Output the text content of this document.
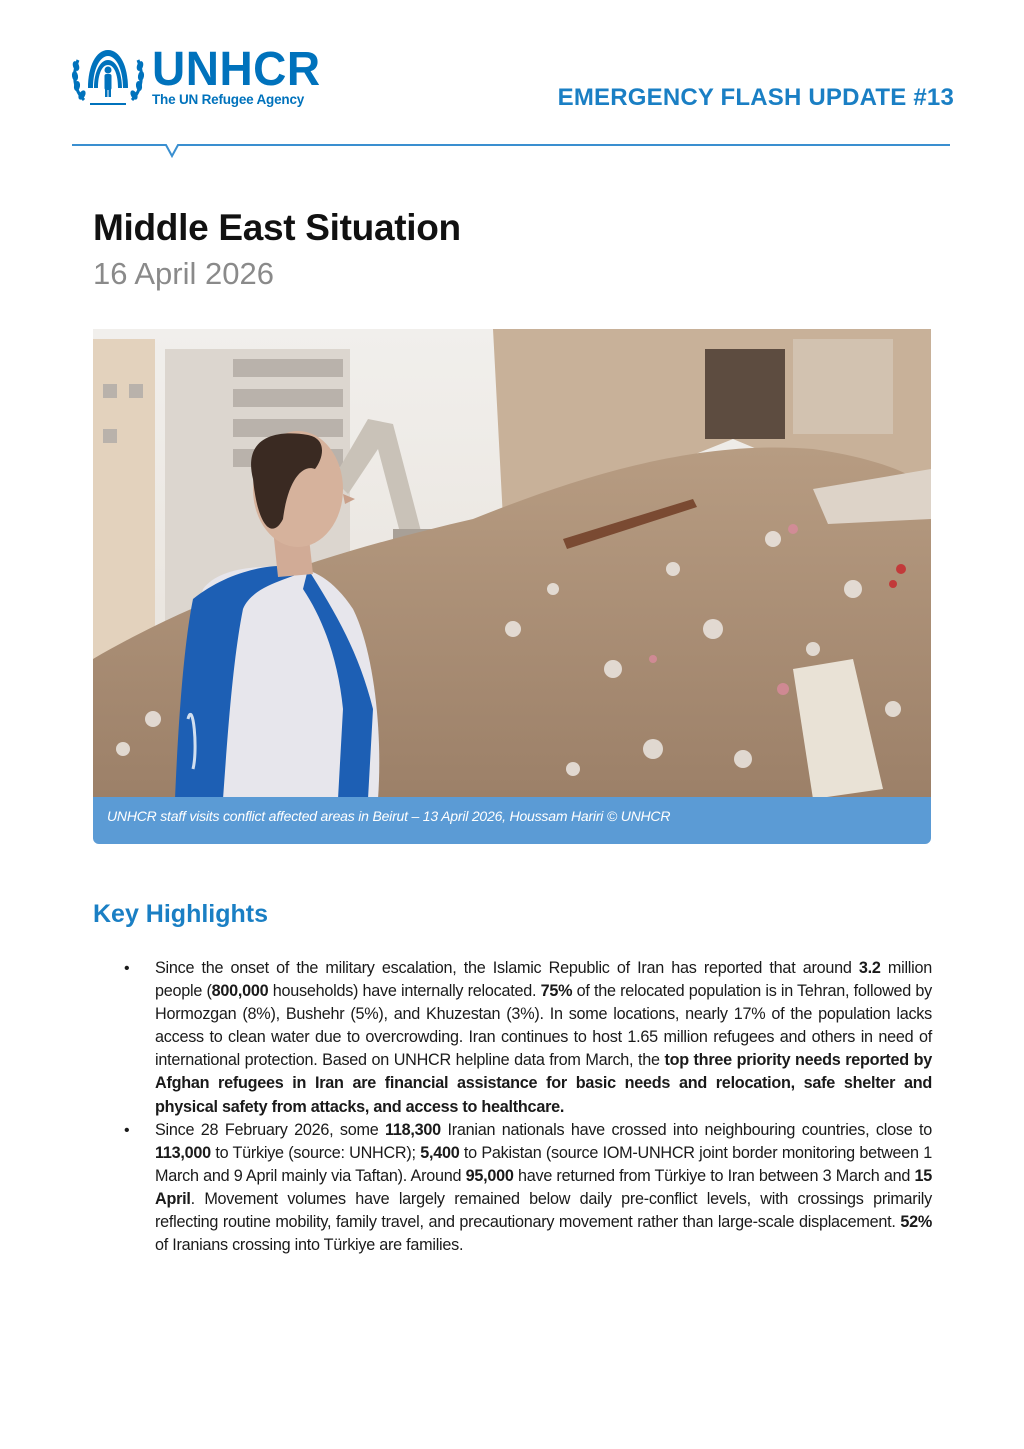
UNHCR
The UN Refugee Agency	EMERGENCY FLASH UPDATE #13
Middle East Situation
16 April 2026
UNHCR staff visits conflict affected areas in Beirut – 13 April 2026, Houssam Hariri © UNHCR
Key Highlights
• Since the onset of the military escalation, the Islamic Republic of Iran has reported that around 3.2 million people (800,000 households) have internally relocated. 75% of the relocated population is in Tehran, followed by Hormozgan (8%), Bushehr (5%), and Khuzestan (3%). In some locations, nearly 17% of the population lacks access to clean water due to overcrowding. Iran continues to host 1.65 million refugees and others in need of international protection. Based on UNHCR helpline data from March, the top three priority needs reported by Afghan refugees in Iran are financial assistance for basic needs and relocation, safe shelter and physical safety from attacks, and access to healthcare.
• Since 28 February 2026, some 118,300 Iranian nationals have crossed into neighbouring countries, close to 113,000 to Türkiye (source: UNHCR); 5,400 to Pakistan (source IOM-UNHCR joint border monitoring between 1 March and 9 April mainly via Taftan). Around 95,000 have returned from Türkiye to Iran between 3 March and 15 April. Movement volumes have largely remained below daily pre-conflict levels, with crossings primarily reflecting routine mobility, family travel, and precautionary movement rather than large-scale displacement. 52% of Iranians crossing into Türkiye are families.
